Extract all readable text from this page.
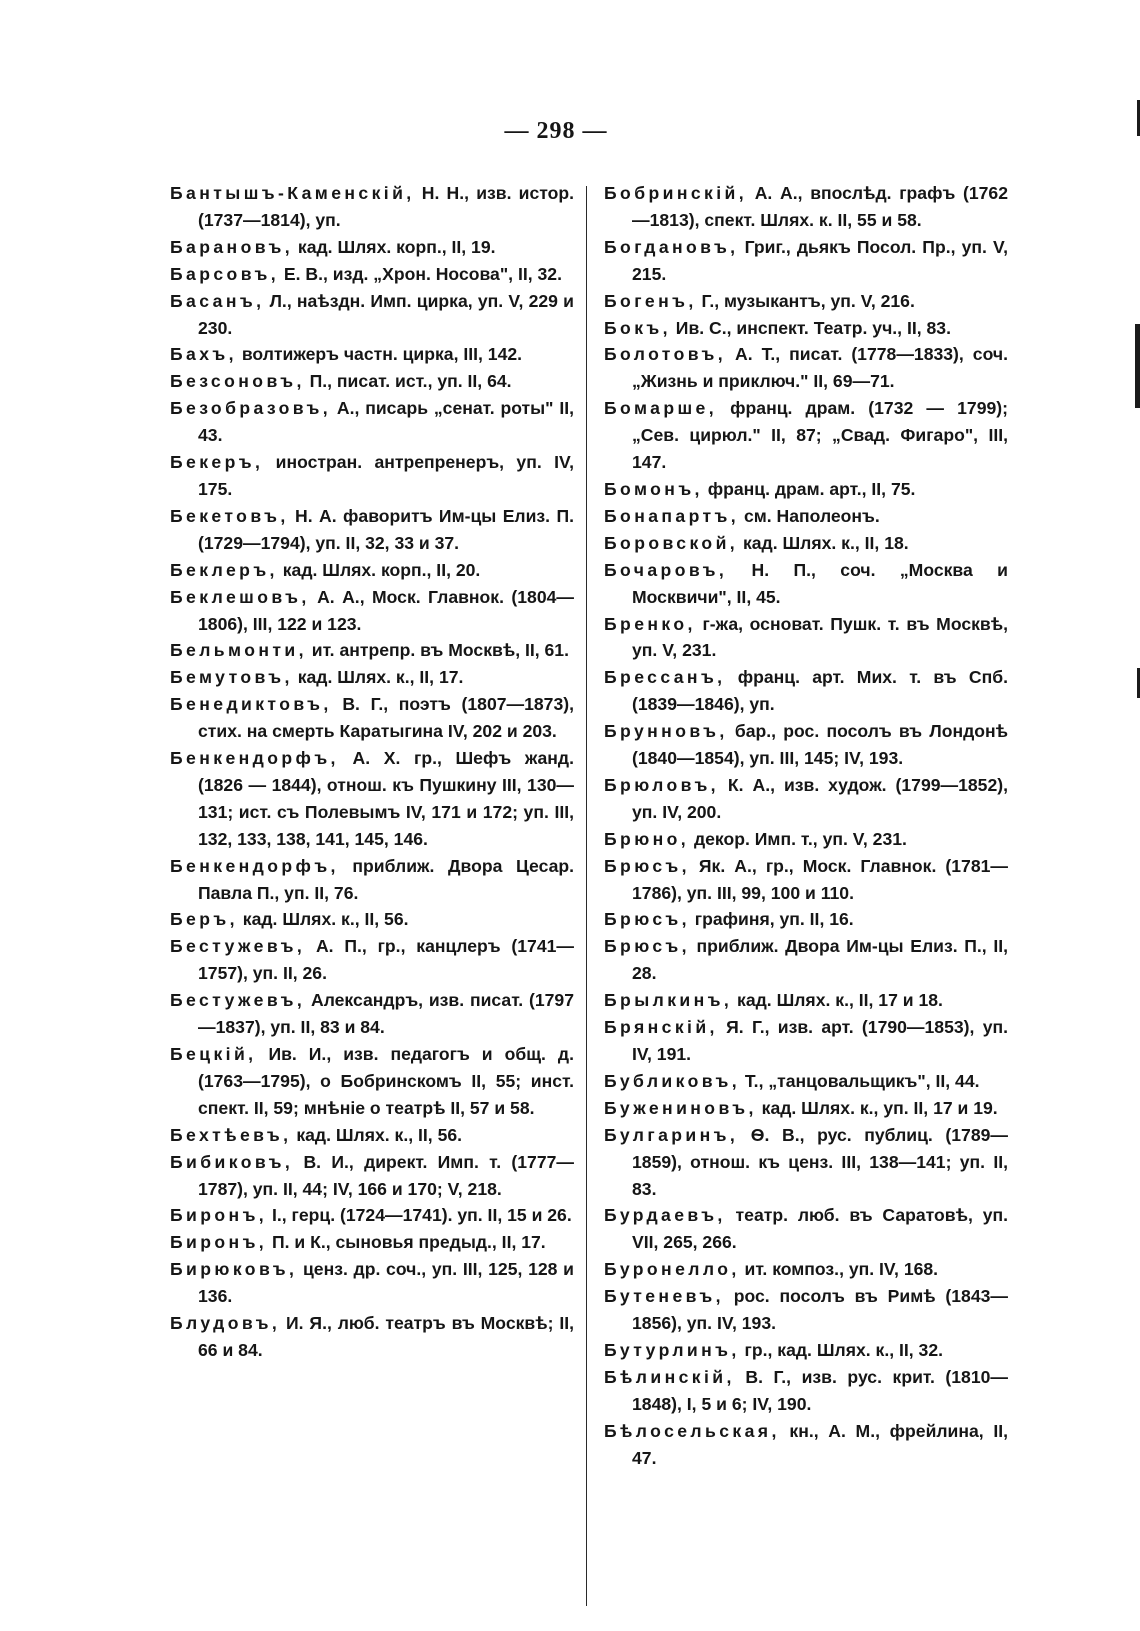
— 298 —
Бантышъ-Каменскій, Н. Н., изв. истор. (1737—1814), уп.
Барановъ, кад. Шлях. корп., II, 19.
Барсовъ, Е. В., изд. „Хрон. Носова", II, 32.
Басанъ, Л., наѣздн. Имп. цирка, уп. V, 229 и 230.
Бахъ, волтижеръ частн. цирка, III, 142.
Безсоновъ, П., писат. ист., уп. II, 64.
Безобразовъ, А., писарь „сенат. роты" II, 43.
Бекеръ, иностран. антрепренеръ, уп. IV, 175.
Бекетовъ, Н. А. фаворитъ Им-цы Елиз. П. (1729—1794), уп. II, 32, 33 и 37.
Беклеръ, кад. Шлях. корп., II, 20.
Беклешовъ, А. А., Моск. Главнок. (1804—1806), III, 122 и 123.
Бельмонти, ит. антрепр. въ Москвѣ, II, 61.
Бемутовъ, кад. Шлях. к., II, 17.
Бенедиктовъ, В. Г., поэтъ (1807—1873), стих. на смерть Каратыгина IV, 202 и 203.
Бенкендорфъ, А. Х. гр., Шефъ жанд. (1826 — 1844), отнош. къ Пушкину III, 130—131; ист. съ Полевымъ IV, 171 и 172; уп. III, 132, 133, 138, 141, 145, 146.
Бенкендорфъ, приближ. Двора Цесар. Павла П., уп. II, 76.
Беръ, кад. Шлях. к., II, 56.
Бестужевъ, А. П., гр., канцлеръ (1741—1757), уп. II, 26.
Бестужевъ, Александръ, изв. писат. (1797—1837), уп. II, 83 и 84.
Бецкій, Ив. И., изв. педагогъ и общ. д. (1763—1795), о Бобринскомъ II, 55; инст. спект. II, 59; мнѣніе о театрѣ II, 57 и 58.
Бехтѣевъ, кад. Шлях. к., II, 56.
Бибиковъ, В. И., директ. Имп. т. (1777—1787), уп. II, 44; IV, 166 и 170; V, 218.
Биронъ, I., герц. (1724—1741). уп. II, 15 и 26.
Биронъ, П. и К., сыновья предыд., II, 17.
Бирюковъ, ценз. др. соч., уп. III, 125, 128 и 136.
Блудовъ, И. Я., люб. театръ въ Москвѣ; II, 66 и 84.
Бобринскій, А. А., впослѣд. графъ (1762—1813), спект. Шлях. к. II, 55 и 58.
Богдановъ, Григ., дьякъ Посол. Пр., уп. V, 215.
Богенъ, Г., музыкантъ, уп. V, 216.
Бокъ, Ив. С., инспект. Театр. уч., II, 83.
Болотовъ, А. Т., писат. (1778—1833), соч. „Жизнь и приключ." II, 69—71.
Бомарше, франц. драм. (1732 — 1799); „Сев. цирюл." II, 87; „Свад. Фигаро", III, 147.
Бомонъ, франц. драм. арт., II, 75.
Бонапартъ, см. Наполеонъ.
Боровской, кад. Шлях. к., II, 18.
Бочаровъ, Н. П., соч. „Москва и Москвичи", II, 45.
Бренко, г-жа, основат. Пушк. т. въ Москвѣ, уп. V, 231.
Брессанъ, франц. арт. Мих. т. въ Спб. (1839—1846), уп.
Брунновъ, бар., рос. посолъ въ Лондонѣ (1840—1854), уп. III, 145; IV, 193.
Брюловъ, К. А., изв. худож. (1799—1852), уп. IV, 200.
Брюно, декор. Имп. т., уп. V, 231.
Брюсъ, Як. А., гр., Моск. Главнок. (1781—1786), уп. III, 99, 100 и 110.
Брюсъ, графиня, уп. II, 16.
Брюсъ, приближ. Двора Им-цы Елиз. П., II, 28.
Брылкинъ, кад. Шлях. к., II, 17 и 18.
Брянскій, Я. Г., изв. арт. (1790—1853), уп. IV, 191.
Бубликовъ, Т., „танцовальщикъ", II, 44.
Бужениновъ, кад. Шлях. к., уп. II, 17 и 19.
Булгаринъ, Ѳ. В., рус. публиц. (1789—1859), отнош. къ ценз. III, 138—141; уп. II, 83.
Бурдаевъ, театр. люб. въ Саратовѣ, уп. VII, 265, 266.
Буронелло, ит. композ., уп. IV, 168.
Бутеневъ, рос. посолъ въ Римѣ (1843—1856), уп. IV, 193.
Бутурлинъ, гр., кад. Шлях. к., II, 32.
Бѣлинскій, В. Г., изв. рус. крит. (1810—1848), I, 5 и 6; IV, 190.
Бѣлосельская, кн., А. М., фрейлина, II, 47.
